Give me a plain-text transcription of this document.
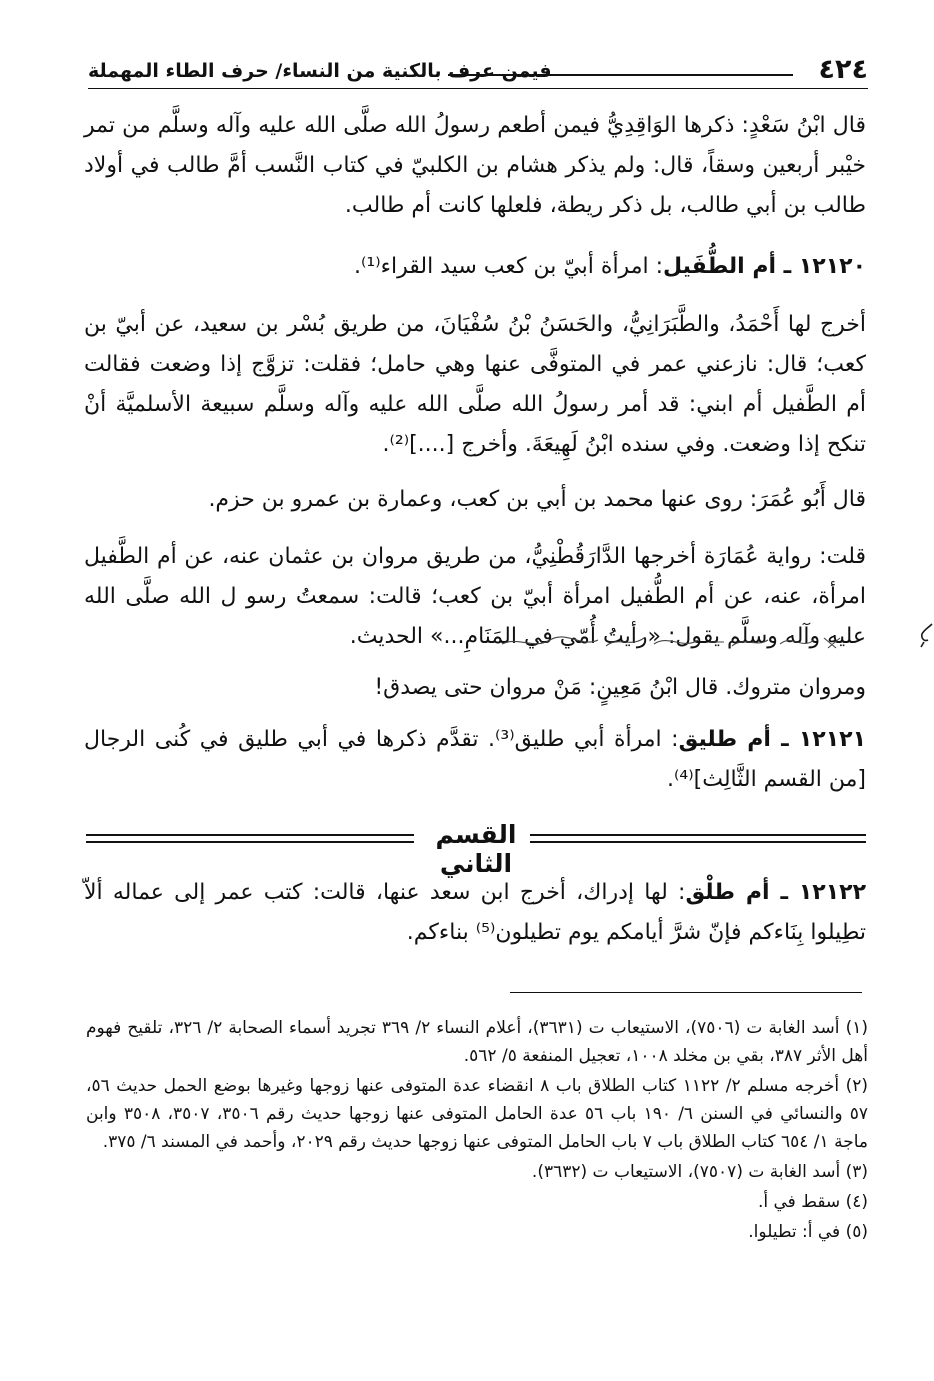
٤٢٤
فيمن عرف بالكنية من النساء/ حرف الطاء المهملة

قال ابْنُ سَعْدٍ: ذكرها الوَاقِدِيُّ فيمن أطعم رسولُ الله صلَّى الله عليه وآله وسلَّم من تمر خيْبر أربعين وسقاً، قال: ولم يذكر هشام بن الكلبيّ في كتاب النَّسب أمَّ طالب في أولاد طالب بن أبي طالب، بل ذكر ريطة، فلعلها كانت أم طالب.

١٢١٢٠ ـ أم الطُّفَيل: امرأة أبيّ بن كعب سيد القراء⁽¹⁾.

أخرج لها أَحْمَدُ، والطَّبَرَانِيُّ، والحَسَنُ بْنُ سُفْيَانَ، من طريق بُسْر بن سعيد، عن أبيّ بن كعب؛ قال: نازعني عمر في المتوفَّى عنها وهي حامل؛ فقلت: تزوَّج إذا وضعت فقالت أم الطَّفيل أم ابني: قد أمر رسولُ الله صلَّى الله عليه وآله وسلَّم سبيعة الأسلميَّة أنْ تنكح إذا وضعت. وفي سنده ابْنُ لَهِيعَةَ. وأخرج [....]⁽²⁾.

قال أَبُو عُمَرَ: روى عنها محمد بن أبي بن كعب، وعمارة بن عمرو بن حزم.

قلت: رواية عُمَارَة أخرجها الدَّارَقُطْنِيُّ، من طريق مروان بن عثمان عنه، عن أم الطَّفيل امرأة، عنه، عن أم الطُّفيل امرأة أبيّ بن كعب؛ قالت: سمعتُ رسو ل الله صلَّى الله عليه وآله وسلَّم يقول: «رأيتُ أُمّي في المَنَامِ...» الحديث.

ومروان متروك. قال ابْنُ مَعِينٍ: مَنْ مروان حتى يصدق!

١٢١٢١ ـ أم طليق: امرأة أبي طليق⁽³⁾. تقدَّم ذكرها في أبي طليق في كُنى الرجال [من القسم الثَّالِث]⁽⁴⁾.

القسم الثاني

١٢١٢٢ ـ أم طلْق: لها إدراك، أخرج ابن سعد عنها، قالت: كتب عمر إلى عماله ألاّ تطِيلوا بِنَاءكم فإنّ شرَّ أيامكم يوم تطيلون⁽⁵⁾ بناءكم.

(١) أسد الغابة ت (٧٥٠٦)، الاستيعاب ت (٣٦٣١)، أعلام النساء ٢/ ٣٦٩ تجريد أسماء الصحابة ٢/ ٣٢٦، تلقيح فهوم أهل الأثر ٣٨٧، بقي بن مخلد ١٠٠٨، تعجيل المنفعة ٥/ ٥٦٢.

(٢) أخرجه مسلم ٢/ ١١٢٢ كتاب الطلاق باب ٨ انقضاء عدة المتوفى عنها زوجها وغيرها بوضع الحمل حديث ٥٦، ٥٧ والنسائي في السنن ٦/ ١٩٠ باب ٥٦ عدة الحامل المتوفى عنها زوجها حديث رقم ٣٥٠٦، ٣٥٠٧، ٣٥٠٨ وابن ماجة ١/ ٦٥٤ كتاب الطلاق باب ٧ باب الحامل المتوفى عنها زوجها حديث رقم ٢٠٢٩، وأحمد في المسند ٦/ ٣٧٥.

(٣) أسد الغابة ت (٧٥٠٧)، الاستيعاب ت (٣٦٣٢).

(٤) سقط في أ.

(٥) في أ: تطيلوا.
